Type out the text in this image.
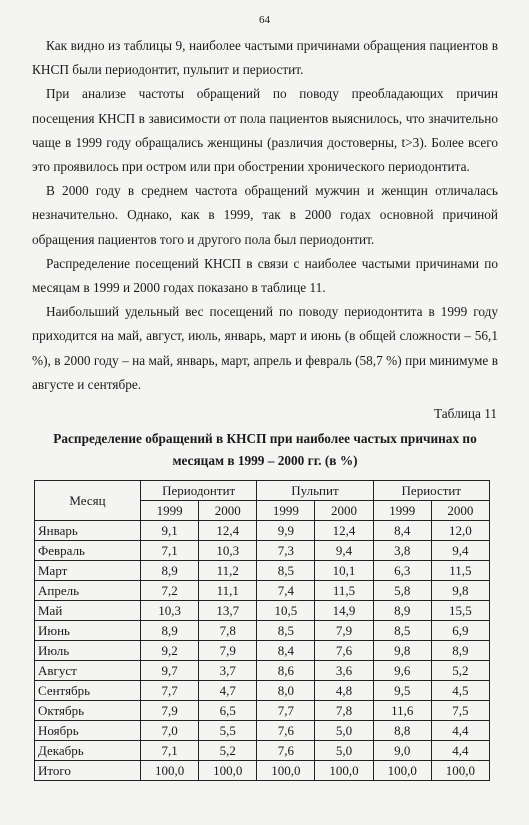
64

Как видно из таблицы 9, наиболее частыми причинами обращения пациентов в КНСП были периодонтит, пульпит и периостит.

При анализе частоты обращений по поводу преобладающих причин посещения КНСП в зависимости от пола пациентов выяснилось, что значительно чаще в 1999 году обращались женщины (различия достоверны, t>3). Более всего это проявилось при остром или при обострении хронического периодонтита.

В 2000 году в среднем частота обращений мужчин и женщин отличалась незначительно. Однако, как в 1999, так в 2000 годах основной причиной обращения пациентов того и другого пола был периодонтит.

Распределение посещений КНСП в связи с наиболее частыми причинами по месяцам в 1999 и 2000 годах показано в таблице 11.

Наибольший удельный вес посещений по поводу периодонтита в 1999 году приходится на май, август, июль, январь, март и июнь (в общей сложности – 56,1 %), в 2000 году – на май, январь, март, апрель и февраль (58,7 %) при минимуме в августе и сентябре.

Таблица 11
Распределение обращений в КНСП при наиболее частых причинах по месяцам в 1999 – 2000 гг. (в %)
Месяц	Периодонтит		Пульпит		Периостит	
	1999	2000	1999	2000	1999	2000
Январь	9,1	12,4	9,9	12,4	8,4	12,0
Февраль	7,1	10,3	7,3	9,4	3,8	9,4
Март	8,9	11,2	8,5	10,1	6,3	11,5
Апрель	7,2	11,1	7,4	11,5	5,8	9,8
Май	10,3	13,7	10,5	14,9	8,9	15,5
Июнь	8,9	7,8	8,5	7,9	8,5	6,9
Июль	9,2	7,9	8,4	7,6	9,8	8,9
Август	9,7	3,7	8,6	3,6	9,6	5,2
Сентябрь	7,7	4,7	8,0	4,8	9,5	4,5
Октябрь	7,9	6,5	7,7	7,8	11,6	7,5
Ноябрь	7,0	5,5	7,6	5,0	8,8	4,4
Декабрь	7,1	5,2	7,6	5,0	9,0	4,4
Итого	100,0	100,0	100,0	100,0	100,0	100,0
